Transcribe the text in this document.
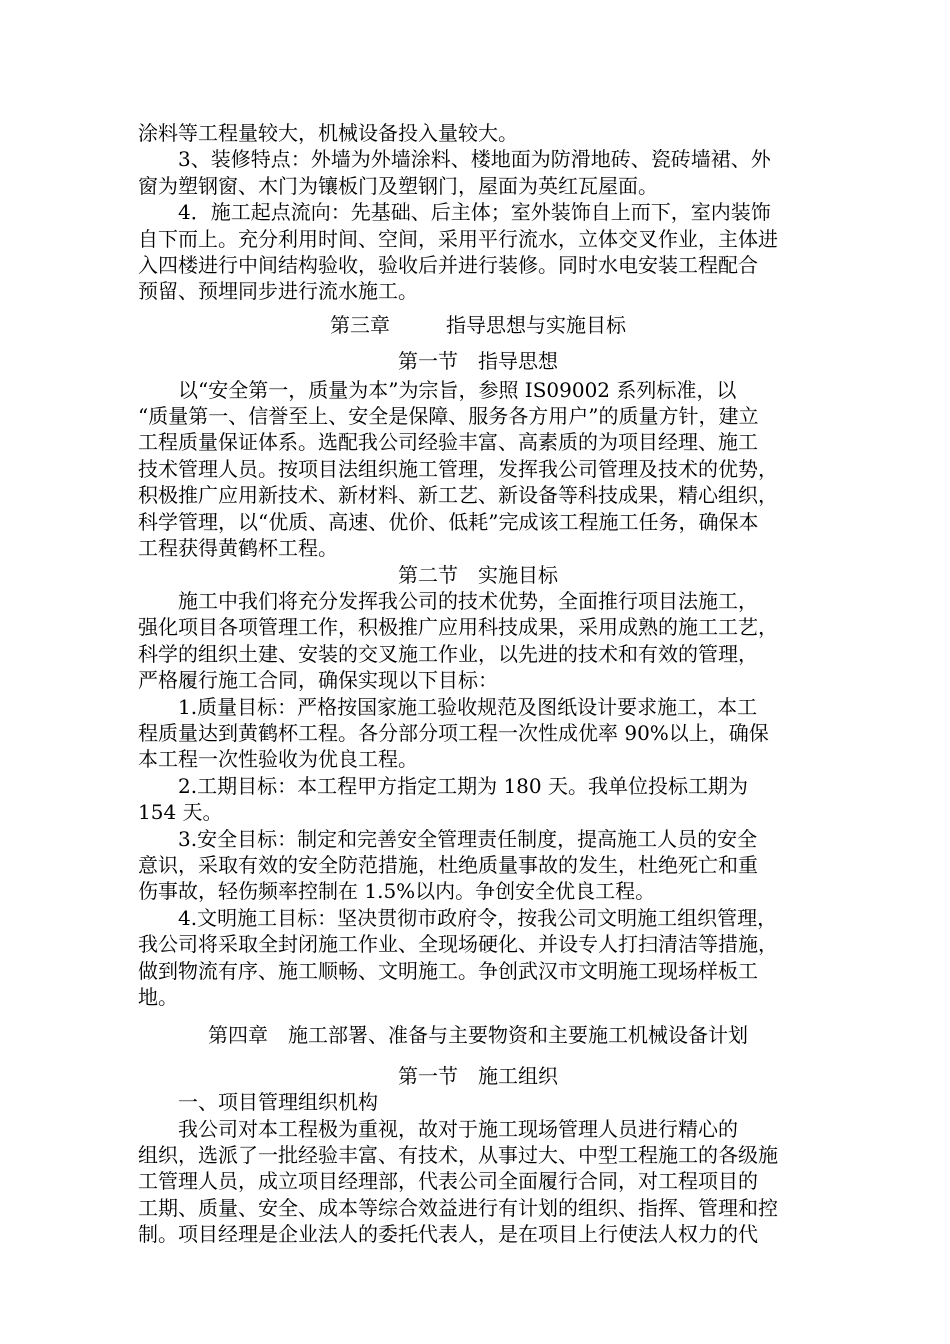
涂料等工程量较大，机械设备投入量较大。

3、装修特点：外墙为外墙涂料、楼地面为防滑地砖、瓷砖墙裙、外

窗为塑钢窗、木门为镶板门及塑钢门，屋面为英红瓦屋面。

4．施工起点流向：先基础、后主体；室外装饰自上而下，室内装饰

自下而上。充分利用时间、空间，采用平行流水，立体交叉作业，主体进

入四楼进行中间结构验收，验收后并进行装修。同时水电安装工程配合

预留、预埋同步进行流水施工。

第三章	指导思想与实施目标

第一节 指导思想

以“安全第一，质量为本”为宗旨，参照 IS09002 系列标准，以

“质量第一、信誉至上、安全是保障、服务各方用户”的质量方针，建立

工程质量保证体系。选配我公司经验丰富、高素质的为项目经理、施工

技术管理人员。按项目法组织施工管理，发挥我公司管理及技术的优势，

积极推广应用新技术、新材料、新工艺、新设备等科技成果，精心组织，

科学管理，以“优质、高速、优价、低耗”完成该工程施工任务，确保本

工程获得黄鹤杯工程。

第二节 实施目标

施工中我们将充分发挥我公司的技术优势，全面推行项目法施工，

强化项目各项管理工作，积极推广应用科技成果，采用成熟的施工工艺，

科学的组织土建、安装的交叉施工作业，以先进的技术和有效的管理，

严格履行施工合同，确保实现以下目标：

1.质量目标：严格按国家施工验收规范及图纸设计要求施工，本工

程质量达到黄鹤杯工程。各分部分项工程一次性成优率 90%以上，确保

本工程一次性验收为优良工程。

2.工期目标：本工程甲方指定工期为 180 天。我单位投标工期为

154 天。

3.安全目标：制定和完善安全管理责任制度，提高施工人员的安全

意识，采取有效的安全防范措施，杜绝质量事故的发生，杜绝死亡和重

伤事故，轻伤频率控制在 1.5%以内。争创安全优良工程。

4.文明施工目标：坚决贯彻市政府令，按我公司文明施工组织管理，

我公司将采取全封闭施工作业、全现场硬化、并设专人打扫清洁等措施，

做到物流有序、施工顺畅、文明施工。争创武汉市文明施工现场样板工

地。

第四章 施工部署、准备与主要物资和主要施工机械设备计划

第一节 施工组织

一、项目管理组织机构

我公司对本工程极为重视，故对于施工现场管理人员进行精心的

组织，选派了一批经验丰富、有技术，从事过大、中型工程施工的各级施

工管理人员，成立项目经理部，代表公司全面履行合同，对工程项目的

工期、质量、安全、成本等综合效益进行有计划的组织、指挥、管理和控

制。项目经理是企业法人的委托代表人，是在项目上行使法人权力的代
